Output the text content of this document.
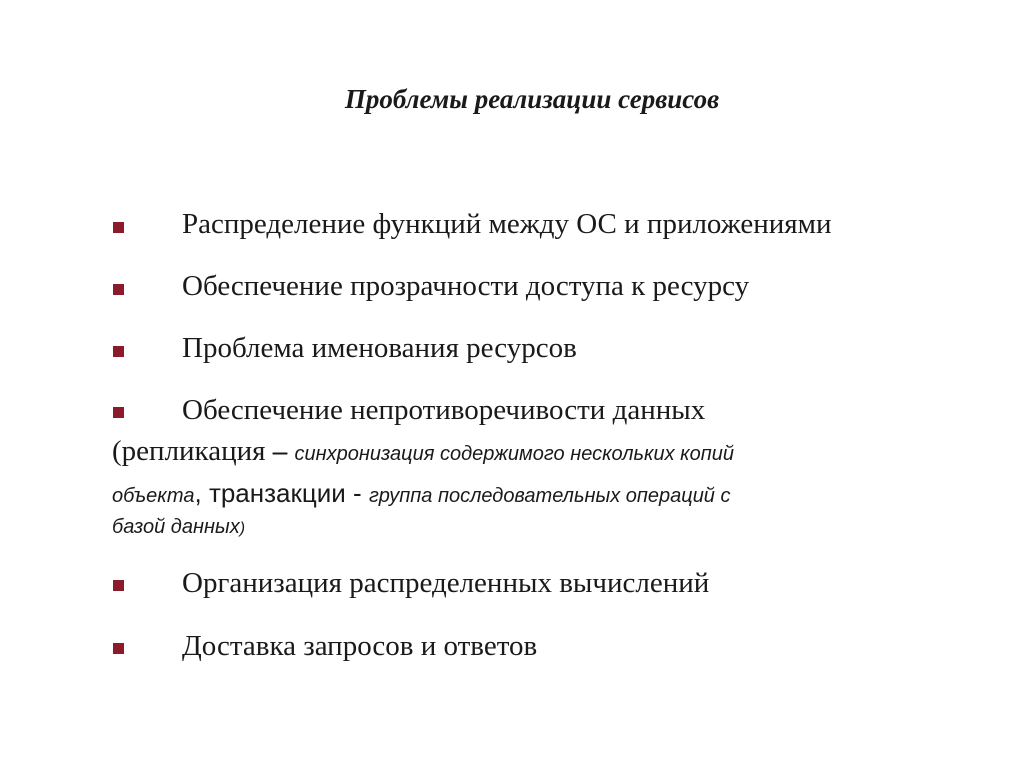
Проблемы реализации сервисов
Распределение функций между ОС и приложениями
Обеспечение прозрачности доступа к ресурсу
Проблема именования ресурсов
Обеспечение непротиворечивости данных
(репликация – синхронизация содержимого нескольких копий
объекта, транзакции - группа последовательных операций с
базой данных)
Организация распределенных вычислений
Доставка запросов и ответов
